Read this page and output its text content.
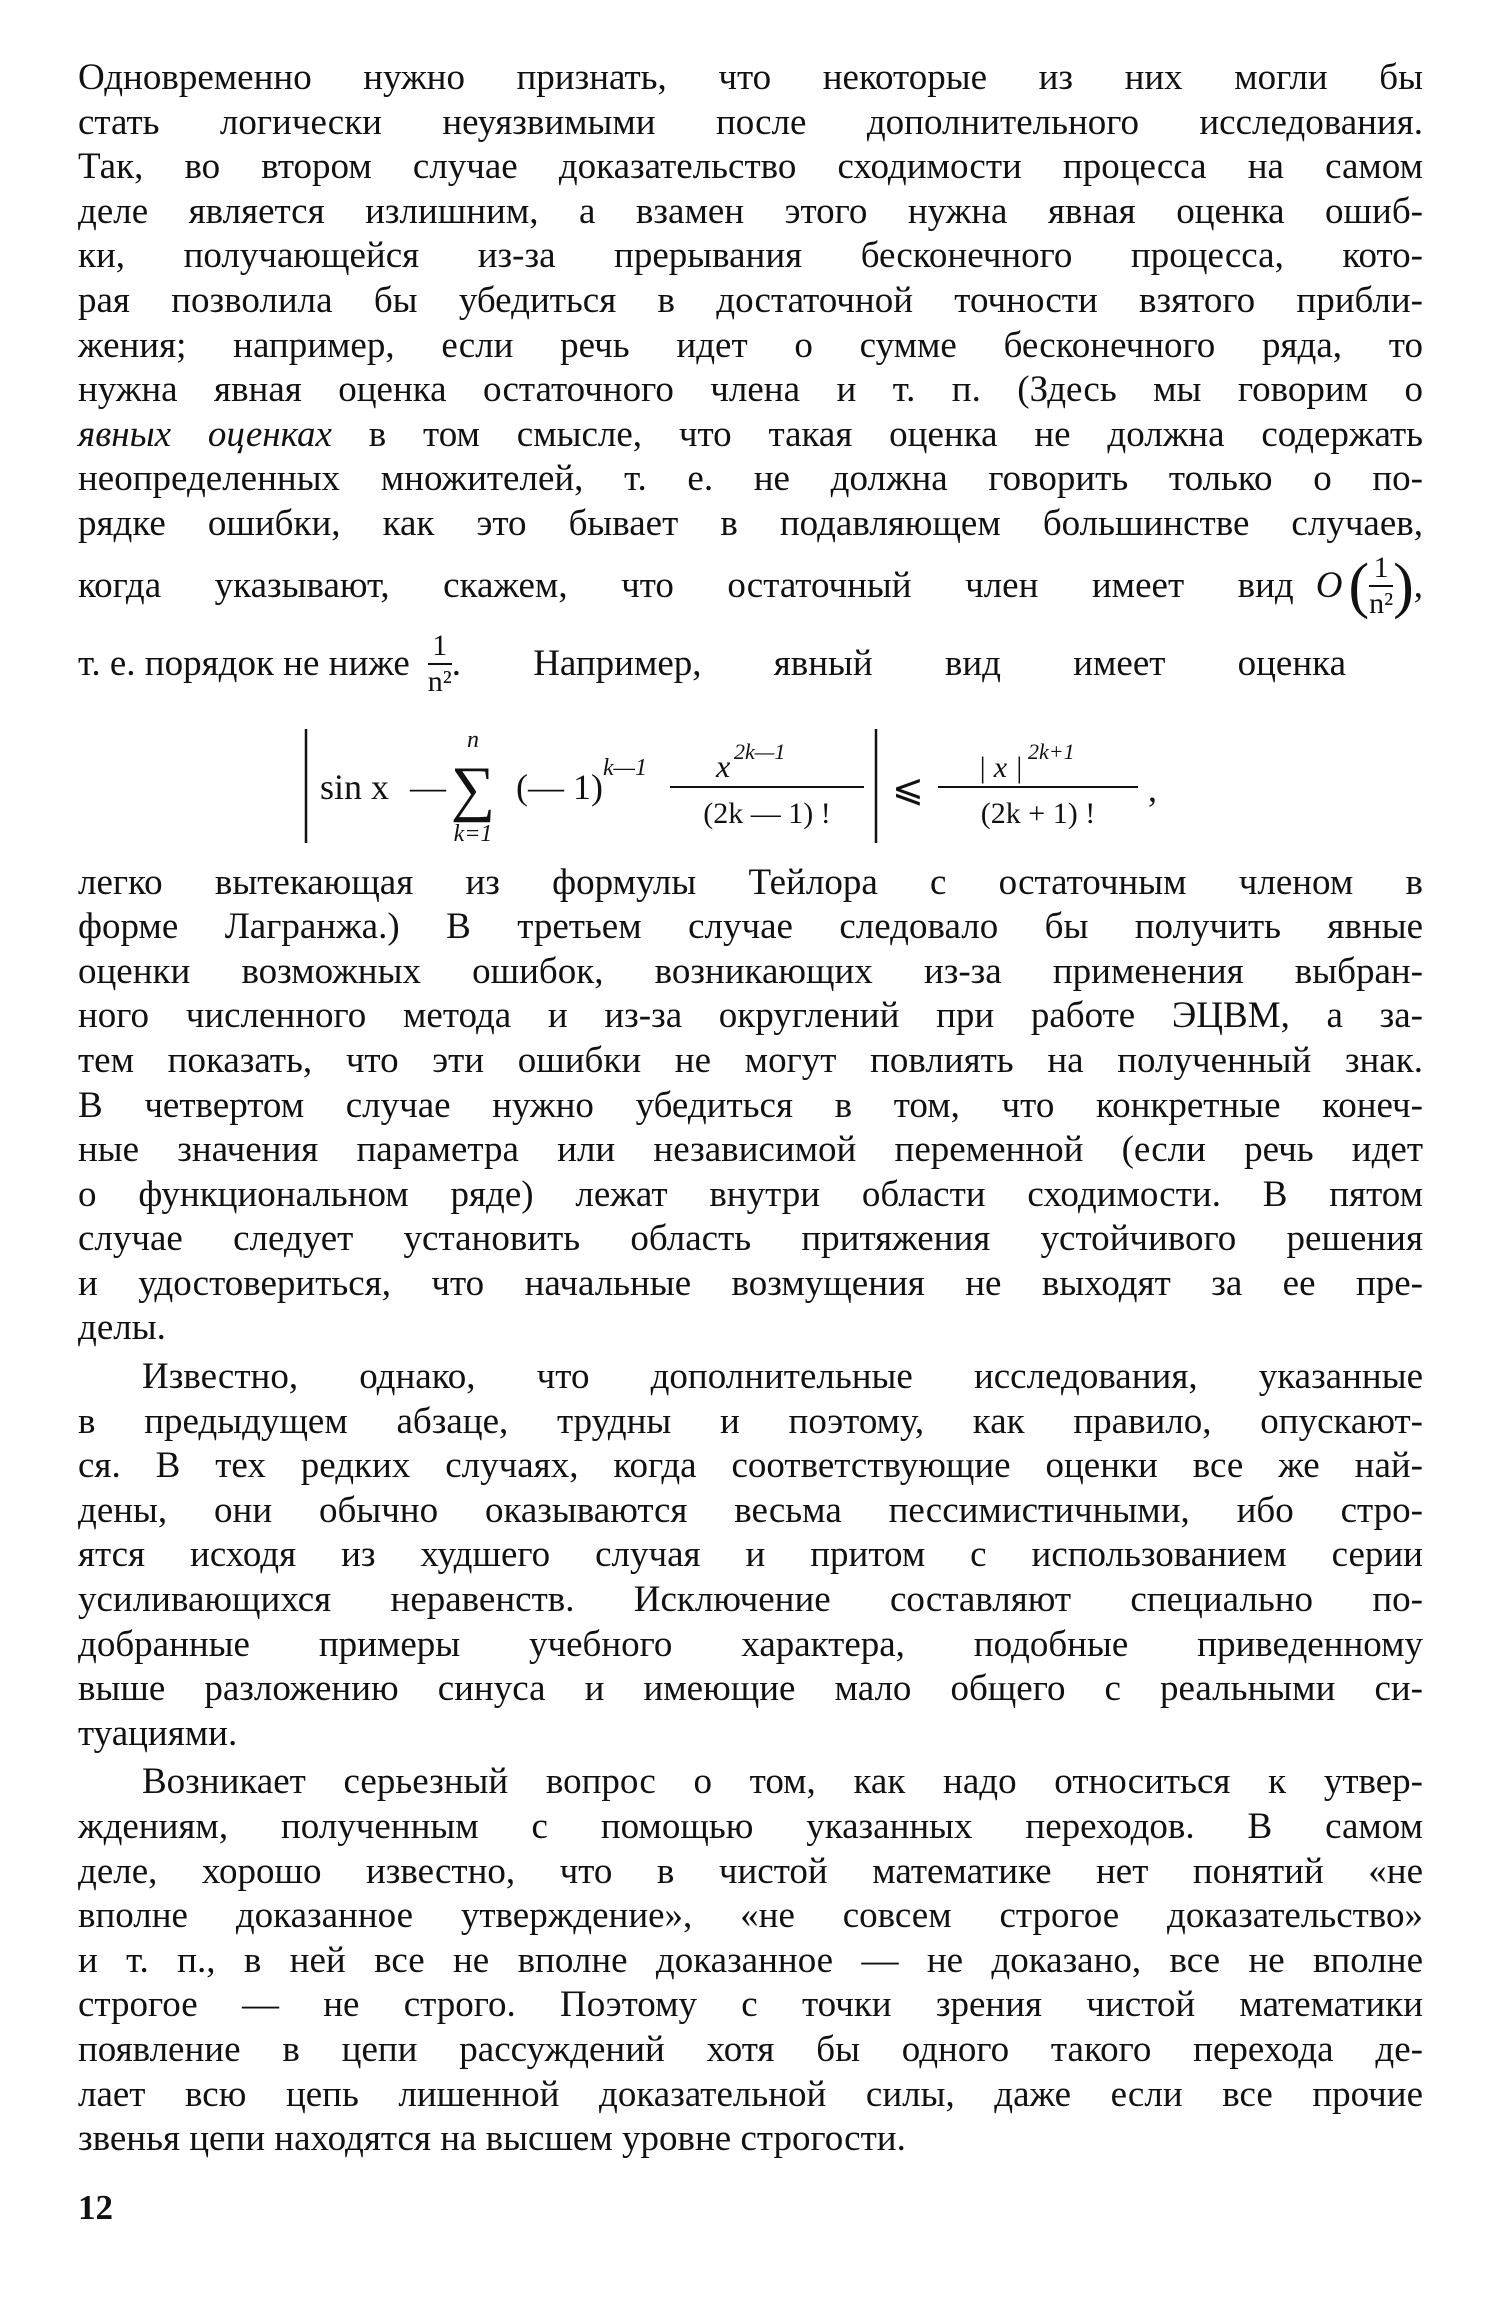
Одновременно нужно признать, что некоторые из них могли бы
стать логически неуязвимыми после дополнительного исследования.
Так, во втором случае доказательство сходимости процесса на самом
деле является излишним, а взамен этого нужна явная оценка ошиб-
ки, получающейся из-за прерывания бесконечного процесса, кото-
рая позволила бы убедиться в достаточной точности взятого прибли-
жения; например, если речь идет о сумме бесконечного ряда, то
нужна явная оценка остаточного члена и т. п. (Здесь мы говорим о
явных оценках в том смысле, что такая оценка не должна содержать
неопределенных множителей, т. е. не должна говорить только о по-
рядке ошибки, как это бывает в подавляющем большинстве случаев,
когда указывают, скажем, что остаточный член имеет вид O ( $\frac{1}{\text{n²}}$ ) ,
т. е. порядок не ниже $\frac{1}{\text{n²}}$ . Например, явный вид имеет оценка
sin x —
n
∑
k=1
(— 1) k—1 x 2k—1
(2k — 1) !
⩽
| x | 2k+1
(2k + 1) !
,
легко вытекающая из формулы Тейлора с остаточным членом в
форме Лагранжа.) В третьем случае следовало бы получить явные
оценки возможных ошибок, возникающих из-за применения выбран-
ного численного метода и из-за округлений при работе ЭЦВМ, а за-
тем показать, что эти ошибки не могут повлиять на полученный знак.
В четвертом случае нужно убедиться в том, что конкретные конеч-
ные значения параметра или независимой переменной (если речь идет
о функциональном ряде) лежат внутри области сходимости. В пятом
случае следует установить область притяжения устойчивого решения
и удостовериться, что начальные возмущения не выходят за ее пре-
делы.
Известно, однако, что дополнительные исследования, указанные
в предыдущем абзаце, трудны и поэтому, как правило, опускают-
ся. В тех редких случаях, когда соответствующие оценки все же най-
дены, они обычно оказываются весьма пессимистичными, ибо стро-
ятся исходя из худшего случая и притом с использованием серии
усиливающихся неравенств. Исключение составляют специально по-
добранные примеры учебного характера, подобные приведенному
выше разложению синуса и имеющие мало общего с реальными си-
туациями.
Возникает серьезный вопрос о том, как надо относиться к утвер-
ждениям, полученным с помощью указанных переходов. В самом
деле, хорошо известно, что в чистой математике нет понятий «не
вполне доказанное утверждение», «не совсем строгое доказательство»
и т. п., в ней все не вполне доказанное — не доказано, все не вполне
строгое — не строго. Поэтому с точки зрения чистой математики
появление в цепи рассуждений хотя бы одного такого перехода де-
лает всю цепь лишенной доказательной силы, даже если все прочие
звенья цепи находятся на высшем уровне строгости.
12
